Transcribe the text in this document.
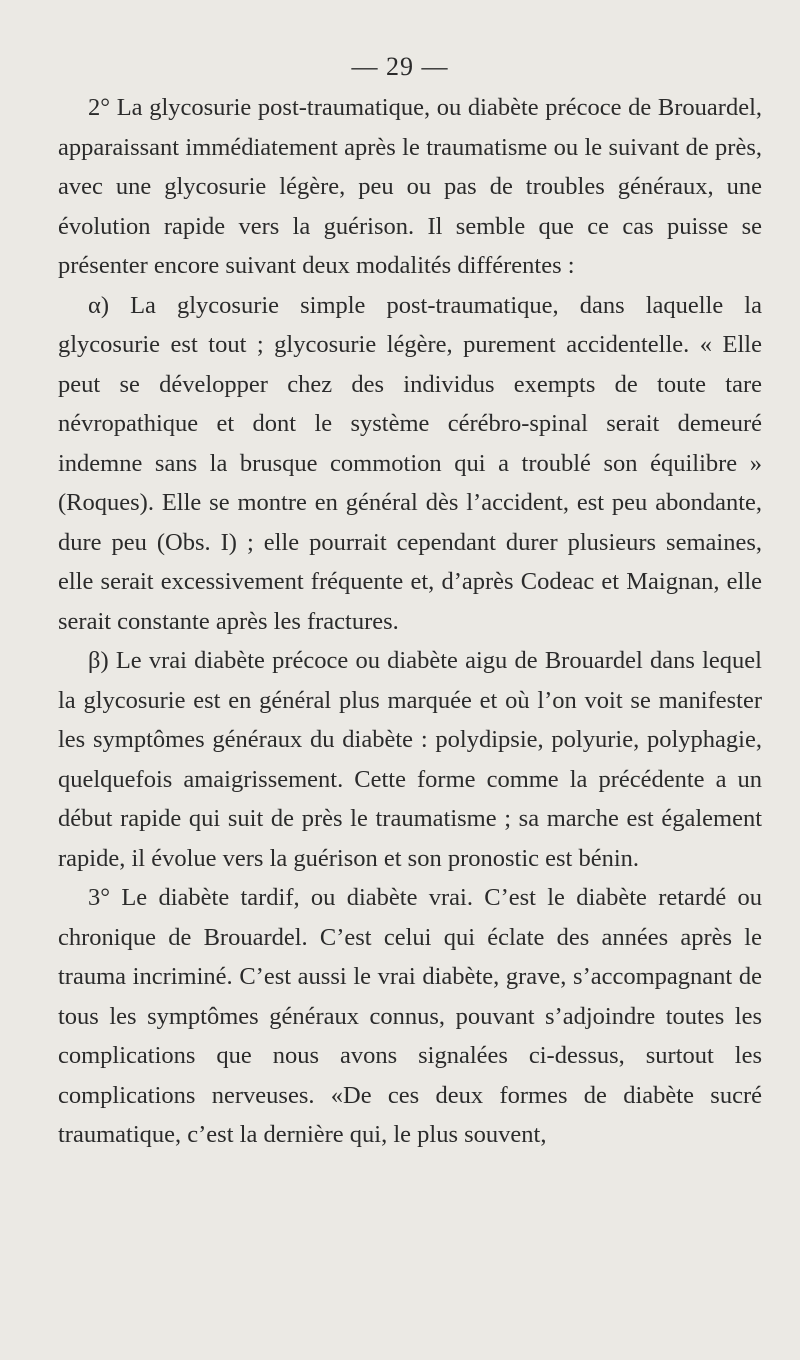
— 29 —

2° La glycosurie post-traumatique, ou diabète précoce de Brouardel, apparaissant immédiatement après le traumatisme ou le suivant de près, avec une glycosurie légère, peu ou pas de troubles généraux, une évolution rapide vers la guérison. Il semble que ce cas puisse se présenter encore suivant deux modalités différentes :

α) La glycosurie simple post-traumatique, dans laquelle la glycosurie est tout ; glycosurie légère, purement accidentelle. « Elle peut se développer chez des individus exempts de toute tare névropathique et dont le système cérébro-spinal serait demeuré indemne sans la brusque commotion qui a troublé son équilibre » (Roques). Elle se montre en général dès l’accident, est peu abondante, dure peu (Obs. I) ; elle pourrait cependant durer plusieurs semaines, elle serait excessivement fréquente et, d’après Codeac et Maignan, elle serait constante après les fractures.

β) Le vrai diabète précoce ou diabète aigu de Brouardel dans lequel la glycosurie est en général plus marquée et où l’on voit se manifester les symptômes généraux du diabète : polydipsie, polyurie, polyphagie, quelquefois amaigrissement. Cette forme comme la précédente a un début rapide qui suit de près le traumatisme ; sa marche est également rapide, il évolue vers la guérison et son pronostic est bénin.

3° Le diabète tardif, ou diabète vrai. C’est le diabète retardé ou chronique de Brouardel. C’est celui qui éclate des années après le trauma incriminé. C’est aussi le vrai diabète, grave, s’accompagnant de tous les symptômes généraux connus, pouvant s’adjoindre toutes les complications que nous avons signalées ci-dessus, surtout les complications nerveuses. «De ces deux formes de diabète sucré traumatique, c’est la dernière qui, le plus souvent,
